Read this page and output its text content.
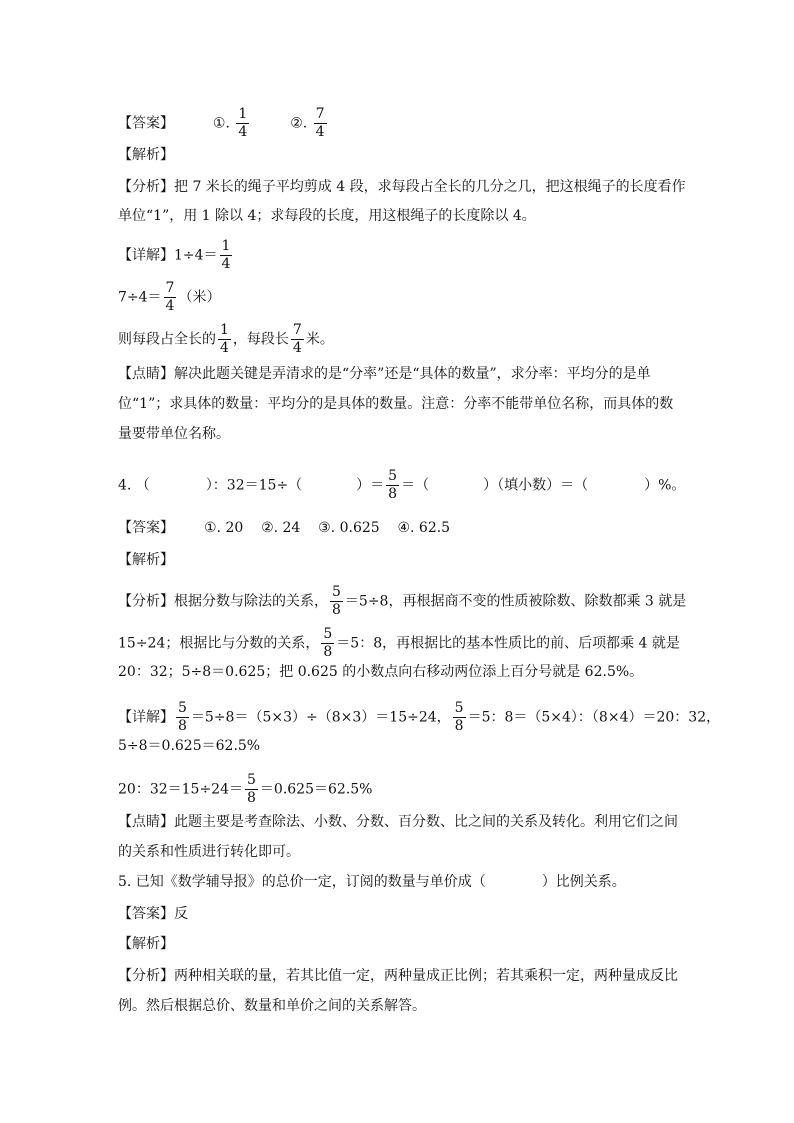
【答案】	①. $\frac{1}{4}$	②. $\frac{7}{4}$
【解析】
【分析】把 7 米长的绳子平均剪成 4 段，求每段占全长的几分之几，把这根绳子的长度看作
单位“1”，用 1 除以 4；求每段的长度，用这根绳子的长度除以 4。
【详解】$1\div 4= \frac{1}{4}$
$7\div 4= \frac{7}{4}$ （米）
则每段占全长的 $\frac{1}{4}$ ，每段长 $\frac{7}{4}$ 米。
【点睛】解决此题关键是弄清求的是“分率”还是“具体的数量”，求分率：平均分的是单
位“1”；求具体的数量：平均分的是具体的数量。注意：分率不能带单位名称，而具体的数
量要带单位名称。
4. （	）：32＝15÷（	）＝ $\frac{5}{8}$ ＝（	）（填小数）＝（	）%。
【答案】 ①. 20    ②. 24    ③. 0.625    ④. 62.5
【解析】
【分析】根据分数与除法的关系， $\frac{5}{8} =5\div 8$，再根据商不变的性质被除数、除数都乘 3 就是
15÷24；根据比与分数的关系， $\frac{5}{8} =5$：8，再根据比的基本性质比的前、后项都乘 4 就是
20：32；5÷8＝0.625；把 0.625 的小数点向右移动两位添上百分号就是 62.5%。
【详解】 $\frac{5}{8} =5\div 8=(5\times 3)\div(8\times 3)=15\div 24$， $\frac{5}{8} =5$：8＝（5×4）：（8×4）＝20：32，
5÷8＝0.625＝62.5%
20：$32=15\div 24= \frac{5}{8} =0.625=62.5\%$
【点睛】此题主要是考查除法、小数、分数、百分数、比之间的关系及转化。利用它们之间
的关系和性质进行转化即可。
5. 已知《数学辅导报》的总价一定，订阅的数量与单价成（	）比例关系。
【答案】反
【解析】
【分析】两种相关联的量，若其比值一定，两种量成正比例；若其乘积一定，两种量成反比
例。然后根据总价、数量和单价之间的关系解答。
